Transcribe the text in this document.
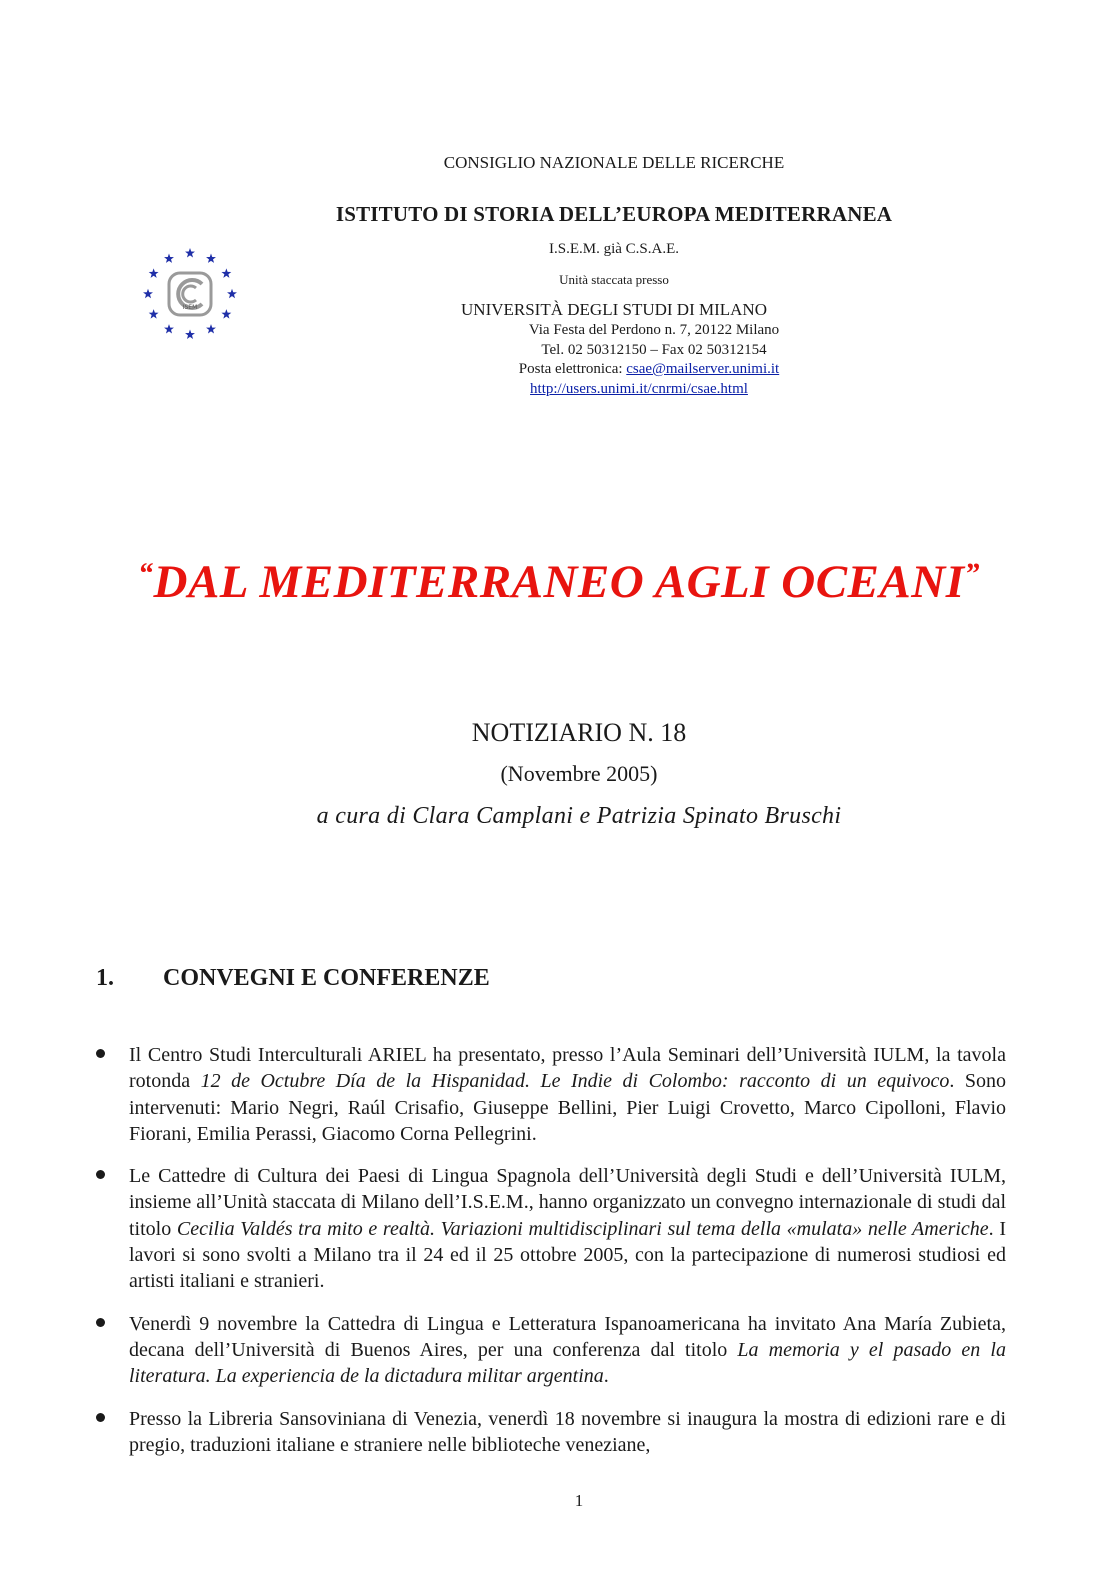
CONSIGLIO NAZIONALE DELLE RICERCHE
ISTITUTO DI STORIA DELL’EUROPA MEDITERRANEA
I.S.E.M. già C.S.A.E.
Unità staccata presso
UNIVERSITÀ DEGLI STUDI DI MILANO
Via Festa del Perdono n. 7, 20122 Milano
Tel. 02 50312150 – Fax 02 50312154
Posta elettronica: csae@mailserver.unimi.it
http://users.unimi.it/cnrmi/csae.html
ISEM
“DAL MEDITERRANEO AGLI OCEANI”
NOTIZIARIO N. 18
(Novembre 2005)
a cura di Clara Camplani e Patrizia Spinato Bruschi
1. CONVEGNI E CONFERENZE
Il Centro Studi Interculturali ARIEL ha presentato, presso l’Aula Seminari dell’Università IULM, la tavola rotonda 12 de Octubre Día de la Hispanidad. Le Indie di Colombo: racconto di un equivoco. Sono intervenuti: Mario Negri, Raúl Crisafio, Giuseppe Bellini, Pier Luigi Crovetto, Marco Cipolloni, Flavio Fiorani, Emilia Perassi, Giacomo Corna Pellegrini.
Le Cattedre di Cultura dei Paesi di Lingua Spagnola dell’Università degli Studi e dell’Università IULM, insieme all’Unità staccata di Milano dell’I.S.E.M., hanno organizzato un convegno internazionale di studi dal titolo Cecilia Valdés tra mito e realtà. Variazioni multidisciplinari sul tema della «mulata» nelle Americhe. I lavori si sono svolti a Milano tra il 24 ed il 25 ottobre 2005, con la partecipazione di numerosi studiosi ed artisti italiani e stranieri.
Venerdì 9 novembre la Cattedra di Lingua e Letteratura Ispanoamericana ha invitato Ana María Zubieta, decana dell’Università di Buenos Aires, per una conferenza dal titolo La memoria y el pasado en la literatura. La experiencia de la dictadura militar argentina.
Presso la Libreria Sansoviniana di Venezia, venerdì 18 novembre si inaugura la mostra di edizioni rare e di pregio, traduzioni italiane e straniere nelle biblioteche veneziane,
1
